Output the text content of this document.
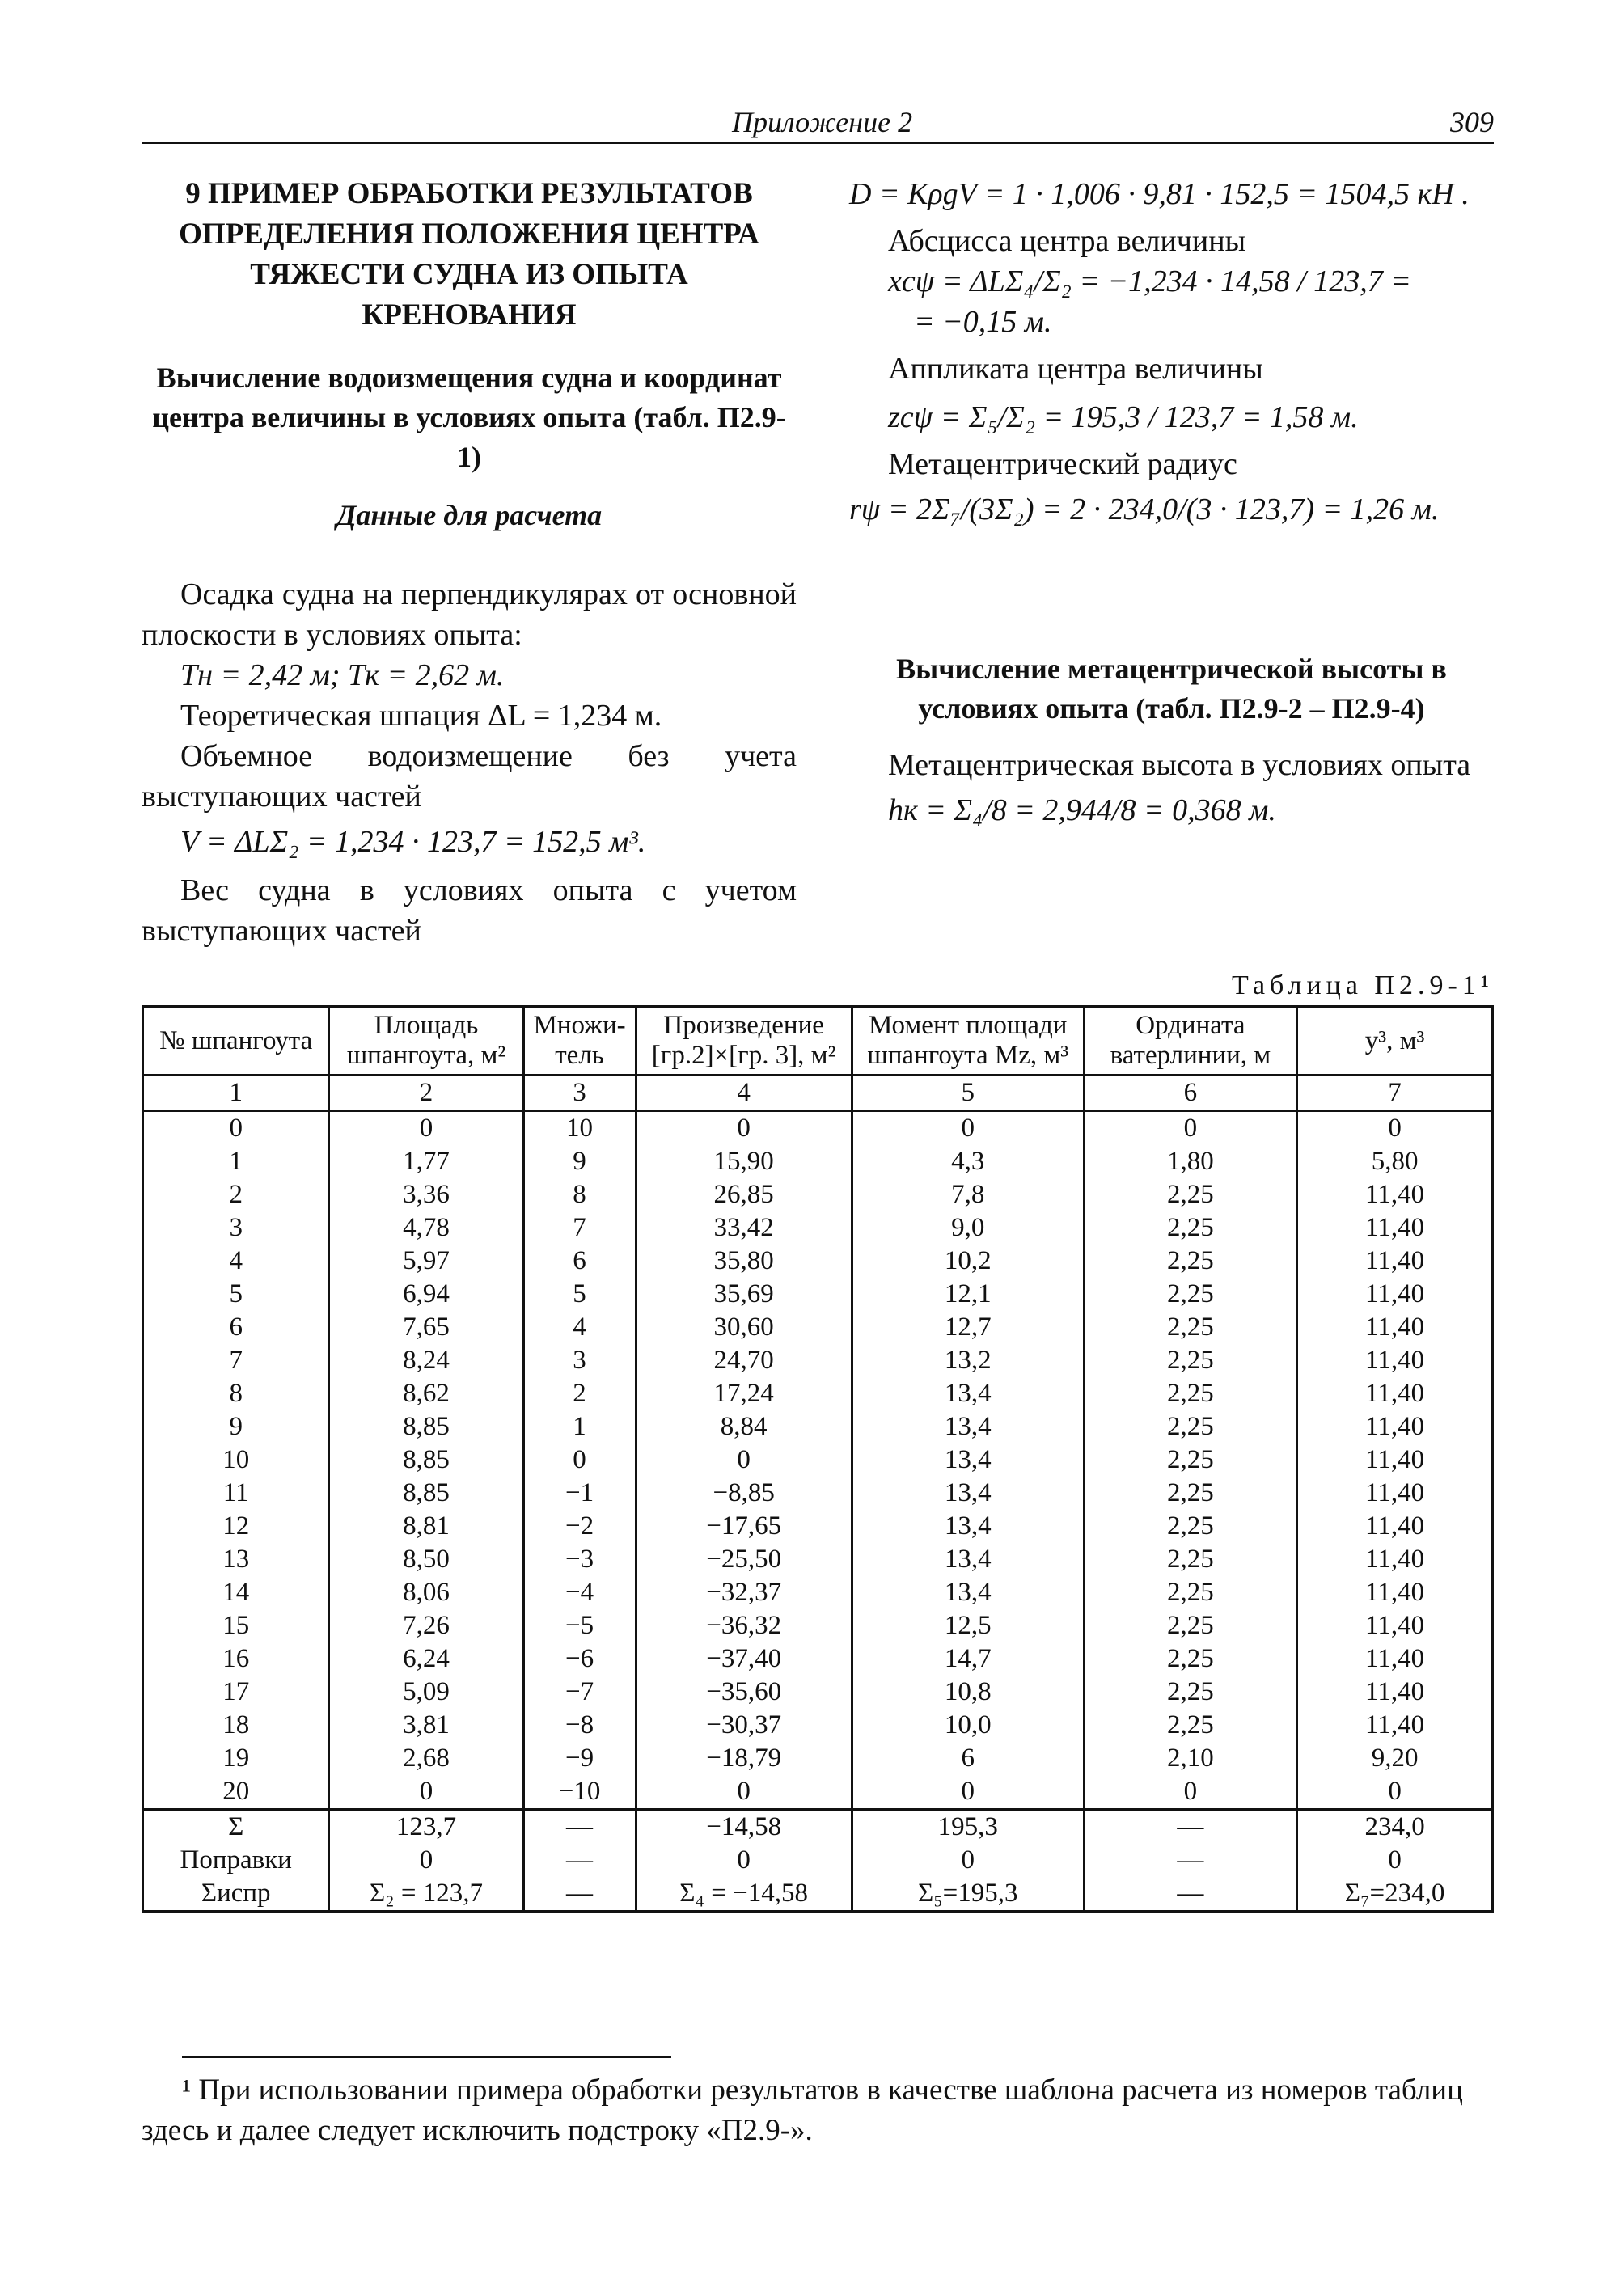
Приложение 2	309

9 ПРИМЕР ОБРАБОТКИ РЕЗУЛЬТАТОВ ОПРЕДЕЛЕНИЯ ПОЛОЖЕНИЯ ЦЕНТРА ТЯЖЕСТИ СУДНА ИЗ ОПЫТА КРЕНОВАНИЯ

Вычисление водоизмещения судна и координат центра величины в условиях опыта (табл. П2.9-1)

Данные для расчета

Осадка судна на перпендикулярах от основной плоскости в условиях опыта:

Tн = 2,42 м; Tк = 2,62 м.

Теоретическая шпация ΔL = 1,234 м.

Объемное водоизмещение без учета выступающих частей

V = ΔLΣ₂ = 1,234 · 123,7 = 152,5 м³.

Вес судна в условиях опыта с учетом выступающих частей

D = KρgV = 1 · 1,006 · 9,81 · 152,5 = 1504,5 кН .

Абсцисса центра величины

xсψ = ΔLΣ₄/Σ₂ = −1,234 · 14,58 / 123,7 =

= −0,15 м.

Аппликата центра величины

zсψ = Σ₅/Σ₂ = 195,3 / 123,7 = 1,58 м.

Метацентрический радиус

rψ = 2Σ₇/(3Σ₂) = 2 · 234,0/(3 · 123,7) = 1,26 м.

Вычисление метацентрической высоты в условиях опыта (табл. П2.9-2 – П2.9-4)

Метацентрическая высота в условиях опыта

hк = Σ₄/8 = 2,944/8 = 0,368 м.

Таблица П2.9-1¹
№ шпангоута	Площадь шпангоута, м²	Множи-тель	Произведение [гр.2]×[гр. 3], м²	Момент площади шпангоута Mz, м³	Ордината ватерлинии, м	y³, м³
1	2	3	4	5	6	7
0	0	10	0	0	0	0
1	1,77	9	15,90	4,3	1,80	5,80
2	3,36	8	26,85	7,8	2,25	11,40
3	4,78	7	33,42	9,0	2,25	11,40
4	5,97	6	35,80	10,2	2,25	11,40
5	6,94	5	35,69	12,1	2,25	11,40
6	7,65	4	30,60	12,7	2,25	11,40
7	8,24	3	24,70	13,2	2,25	11,40
8	8,62	2	17,24	13,4	2,25	11,40
9	8,85	1	8,84	13,4	2,25	11,40
10	8,85	0	0	13,4	2,25	11,40
11	8,85	−1	−8,85	13,4	2,25	11,40
12	8,81	−2	−17,65	13,4	2,25	11,40
13	8,50	−3	−25,50	13,4	2,25	11,40
14	8,06	−4	−32,37	13,4	2,25	11,40
15	7,26	−5	−36,32	12,5	2,25	11,40
16	6,24	−6	−37,40	14,7	2,25	11,40
17	5,09	−7	−35,60	10,8	2,25	11,40
18	3,81	−8	−30,37	10,0	2,25	11,40
19	2,68	−9	−18,79	6	2,10	9,20
20	0	−10	0	0	0	0
Σ	123,7	—	−14,58	195,3	—	234,0
Поправки	0	—	0	0	—	0
Σиспр	Σ₂ = 123,7	—	Σ₄ = −14,58	Σ₅=195,3	—	Σ₇=234,0
¹ При использовании примера обработки результатов в качестве шаблона расчета из номеров таблиц здесь и далее следует исключить подстроку «П2.9-».
